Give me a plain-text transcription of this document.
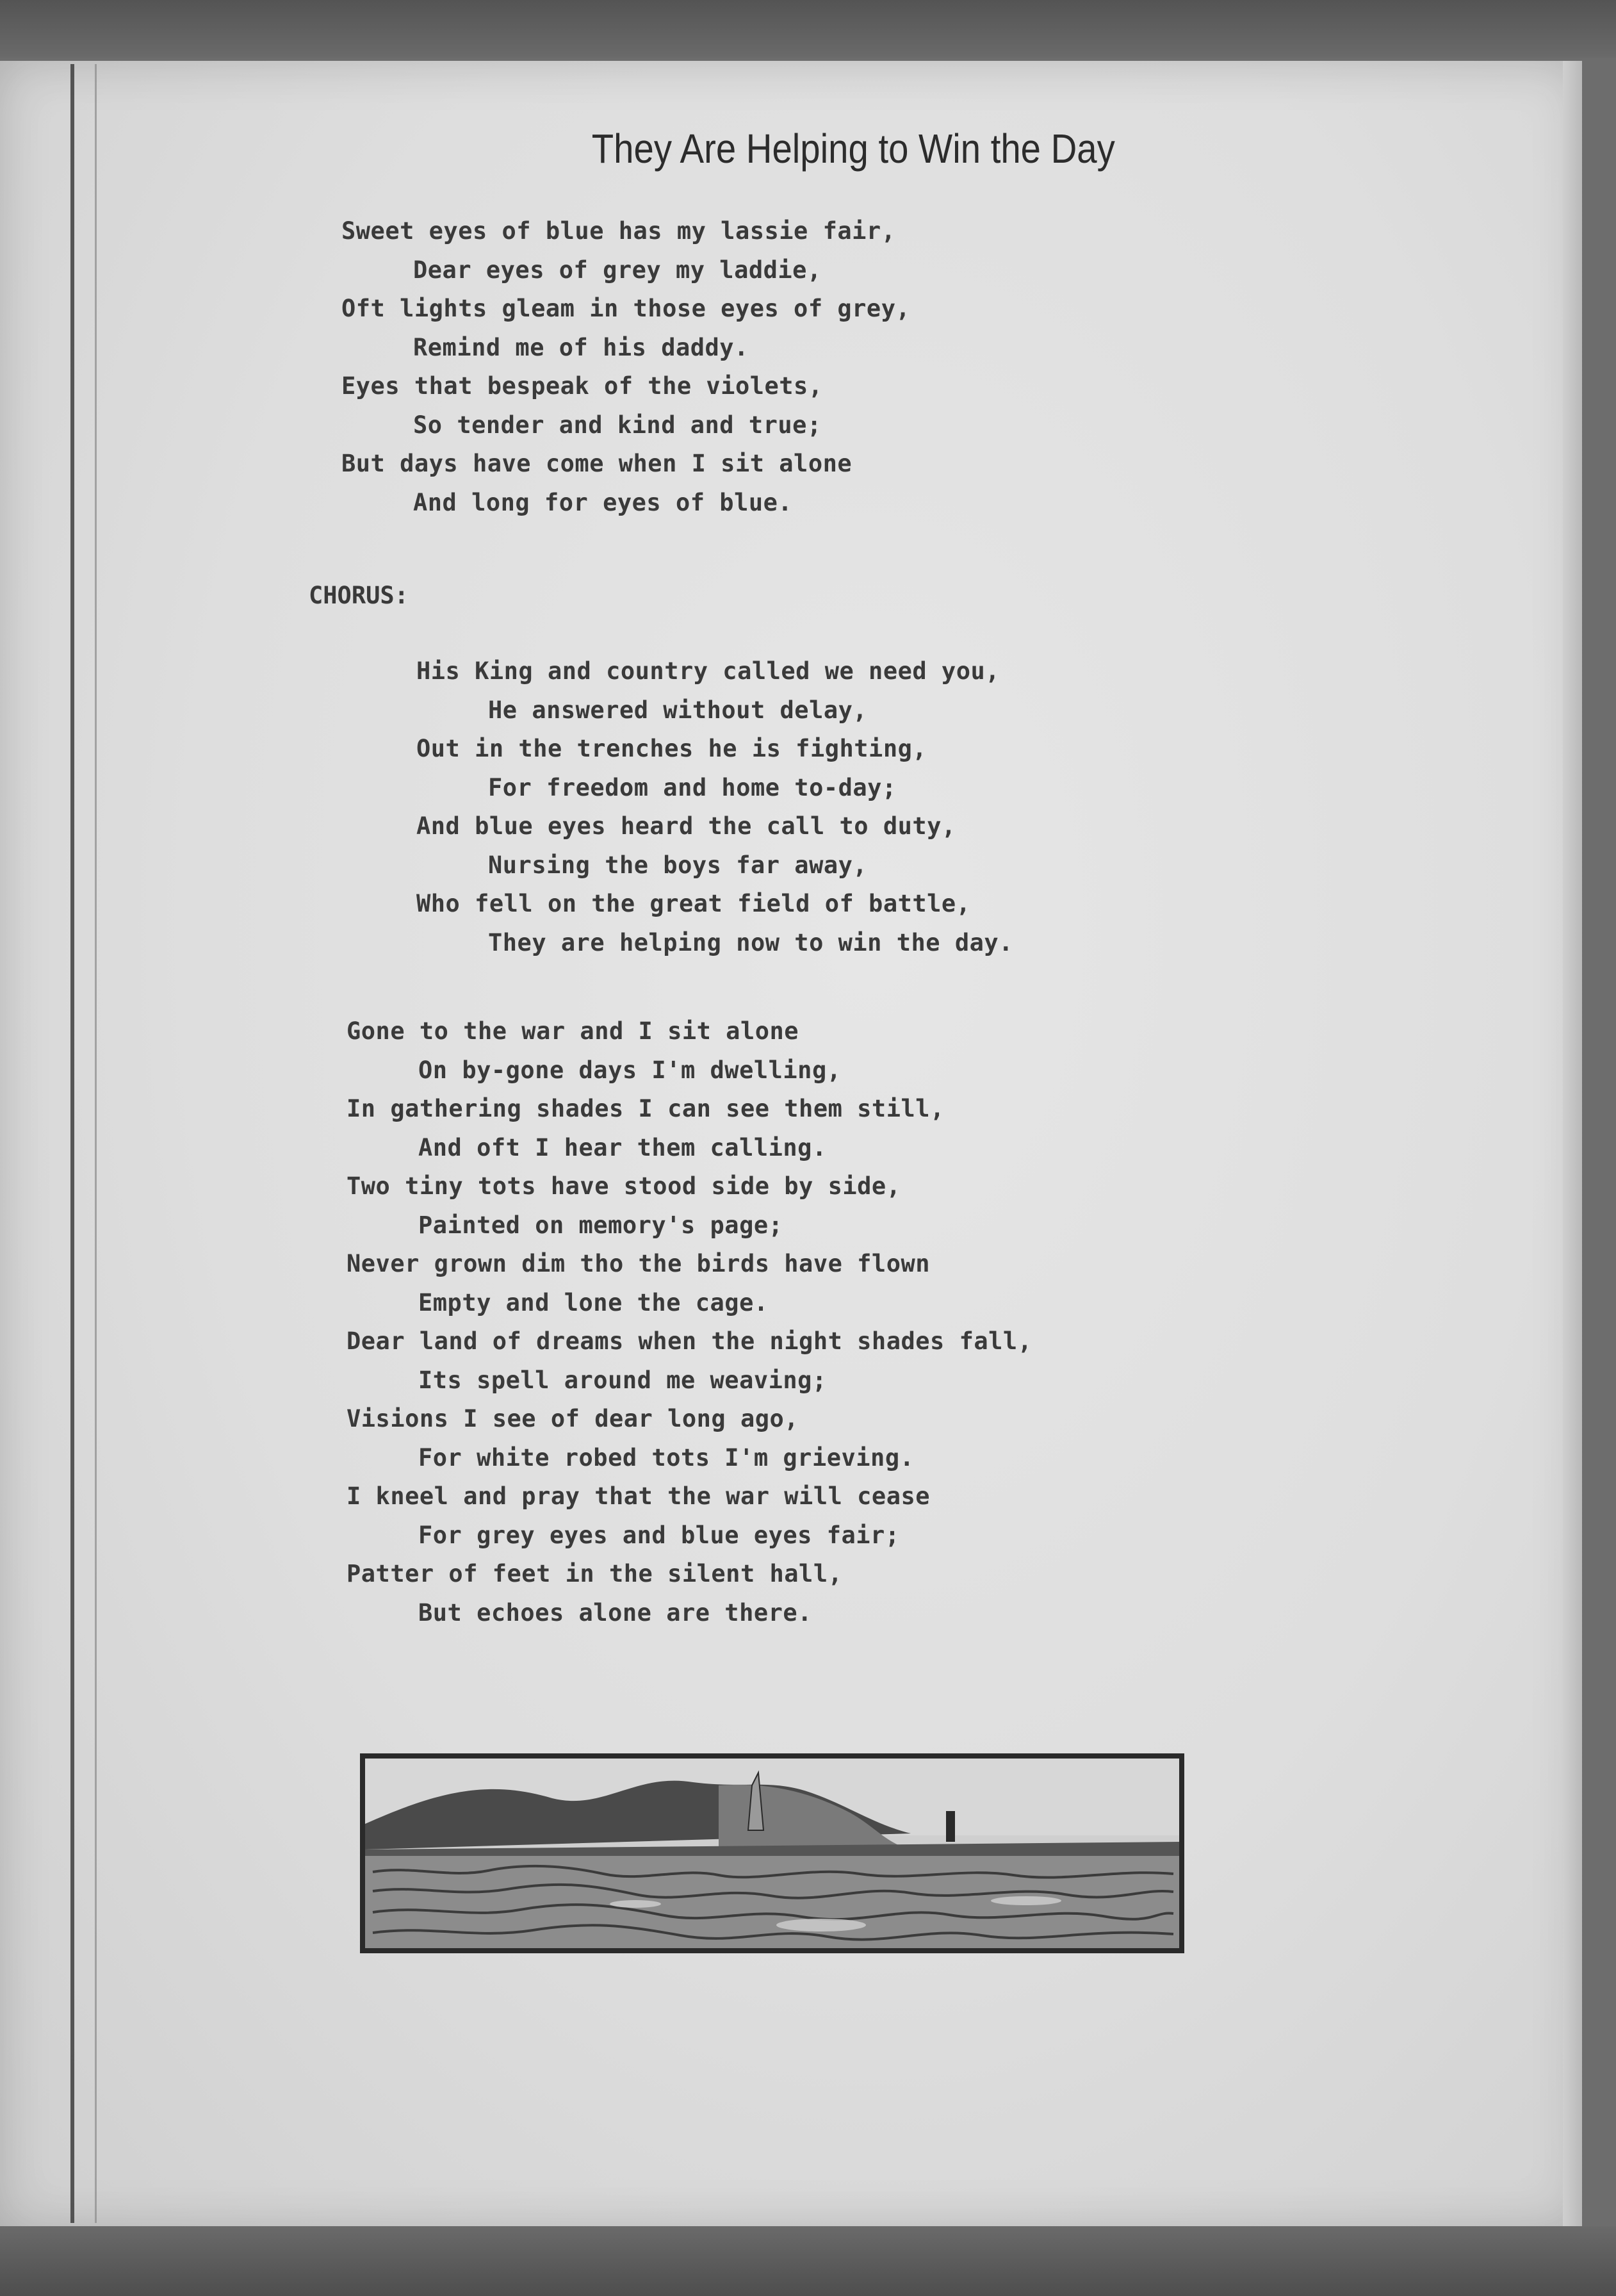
They Are Helping to Win the Day
Sweet eyes of blue has my lassie fair,
Dear eyes of grey my laddie,
Oft lights gleam in those eyes of grey,
Remind me of his daddy.
Eyes that bespeak of the violets,
So tender and kind and true;
But days have come when I sit alone
And long for eyes of blue.
CHORUS:
His King and country called we need you,
He answered without delay,
Out in the trenches he is fighting,
For freedom and home to-day;
And blue eyes heard the call to duty,
Nursing the boys far away,
Who fell on the great field of battle,
They are helping now to win the day.
Gone to the war and I sit alone
On by-gone days I'm dwelling,
In gathering shades I can see them still,
And oft I hear them calling.
Two tiny tots have stood side by side,
Painted on memory's page;
Never grown dim tho the birds have flown
Empty and lone the cage.
Dear land of dreams when the night shades fall,
Its spell around me weaving;
Visions I see of dear long ago,
For white robed tots I'm grieving.
I kneel and pray that the war will cease
For grey eyes and blue eyes fair;
Patter of feet in the silent hall,
But echoes alone are there.
